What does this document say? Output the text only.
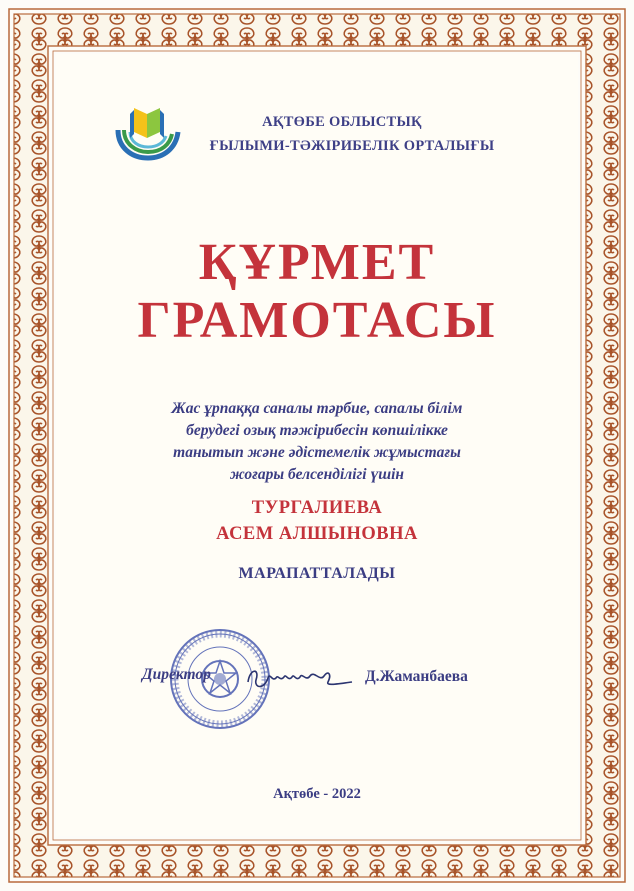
АҚТӨБЕ ОБЛЫСТЫҚ
ҒЫЛЫМИ-ТӘЖІРИБЕЛІК ОРТАЛЫҒЫ
ҚҰРМЕТ
ГРАМОТАСЫ
Жас ұрпаққа саналы тәрбие, сапалы білім
берудегі озық тәжірибесін көпшілікке
танытып және әдістемелік жұмыстағы
жоғары белсенділігі үшін
ТУРГАЛИЕВА
АСЕМ АЛШЫНОВНА
МАРАПАТТАЛАДЫ
Директор	Д.Жаманбаева
Ақтөбе - 2022
